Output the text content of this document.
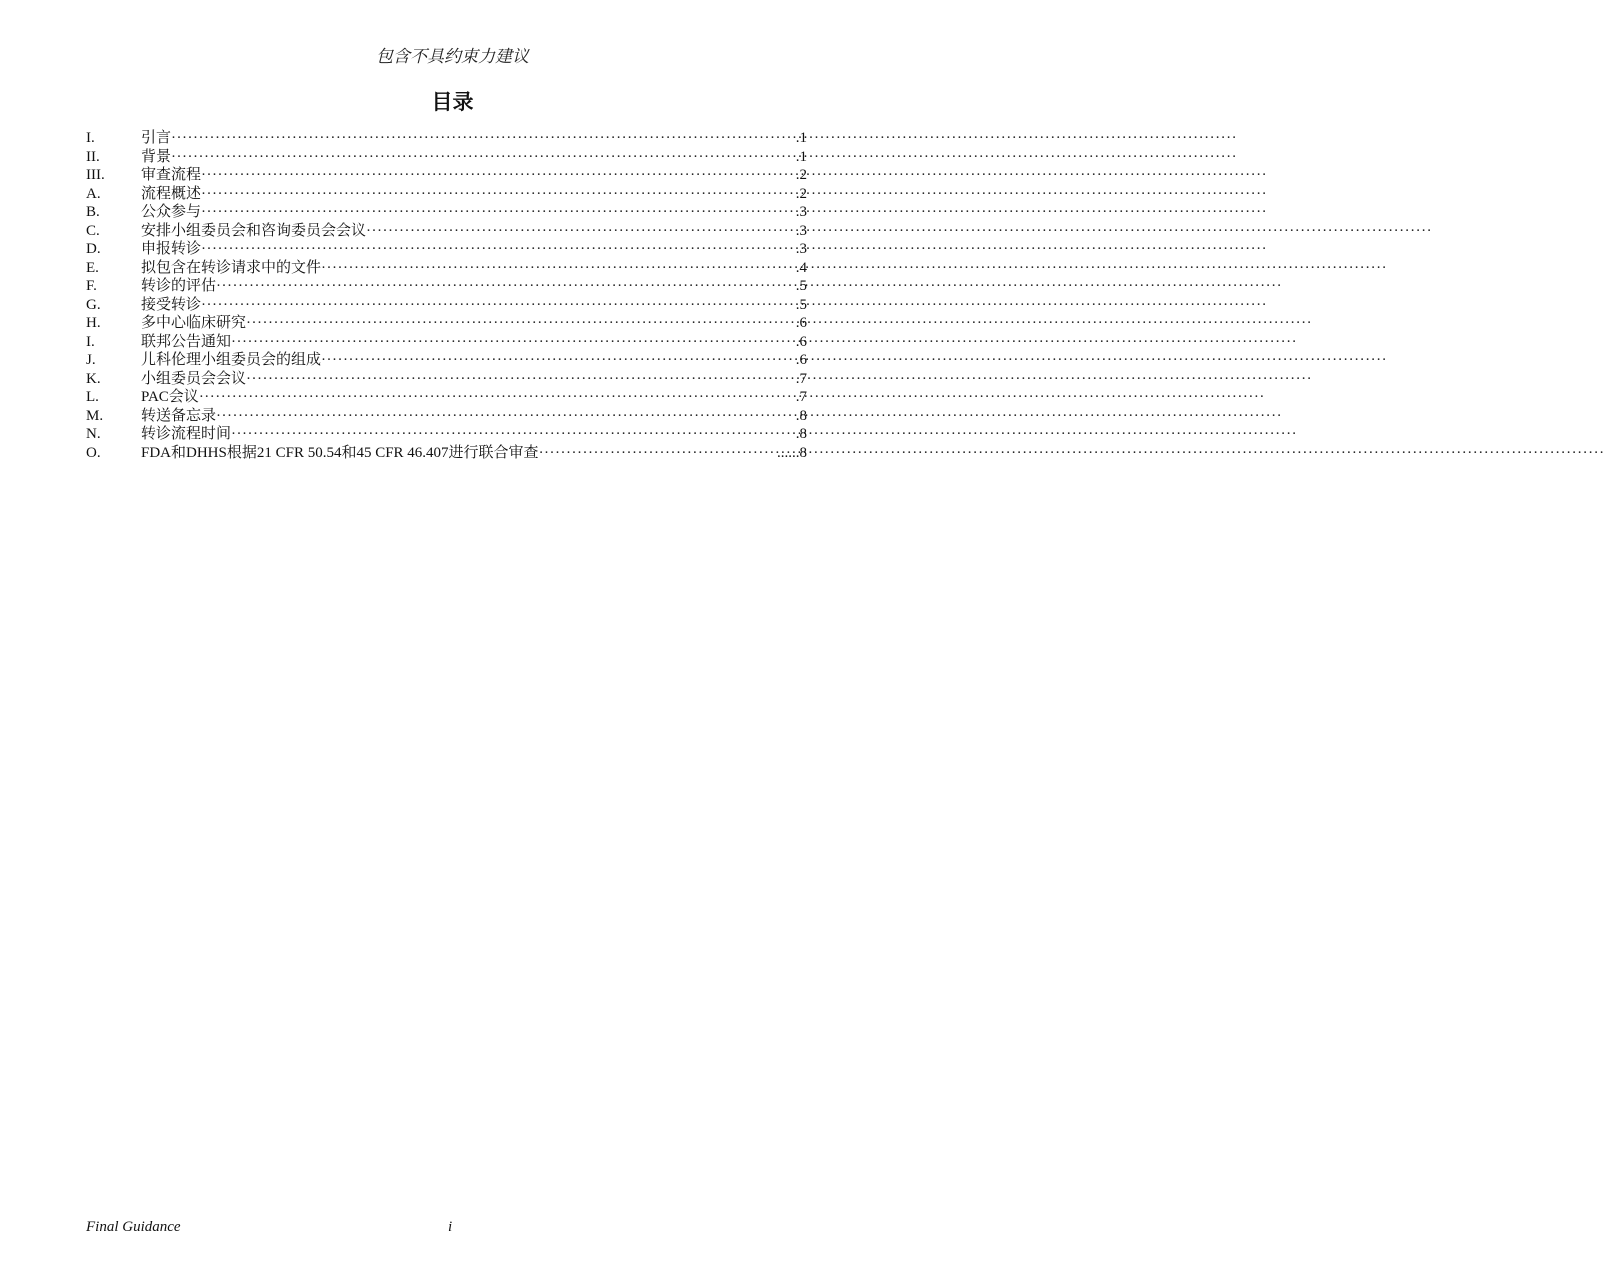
包含不具约束力建议
目录
I.	引言 ·····	.1
II.	背景 ·····	.1
III.	审查流程 ·····	.2
A.	流程概述 ·····	.2
B.	公众参与 ·····	.3
C.	安排小组委员会和咨询委员会会议 ·····	.3
D.	申报转诊 ·····	.3
E.	拟包含在转诊请求中的文件 ·····	.4
F.	转诊的评估 ·····	.5
G.	接受转诊 ·····	.5
H.	多中心临床研究 ·····	.6
I.	联邦公告通知 ·····	.6
J.	儿科伦理小组委员会的组成 ·····	.6
K.	小组委员会会议 ·····	.7
L.	PAC会议 ·····	.7
M.	转送备忘录 ·····	.8
N.	转诊流程时间 ·····	.8
O.	FDA和DHHS根据21 CFR 50.54和45 CFR 46.407进行联合审查 ·····	......8
Final Guidance	i
